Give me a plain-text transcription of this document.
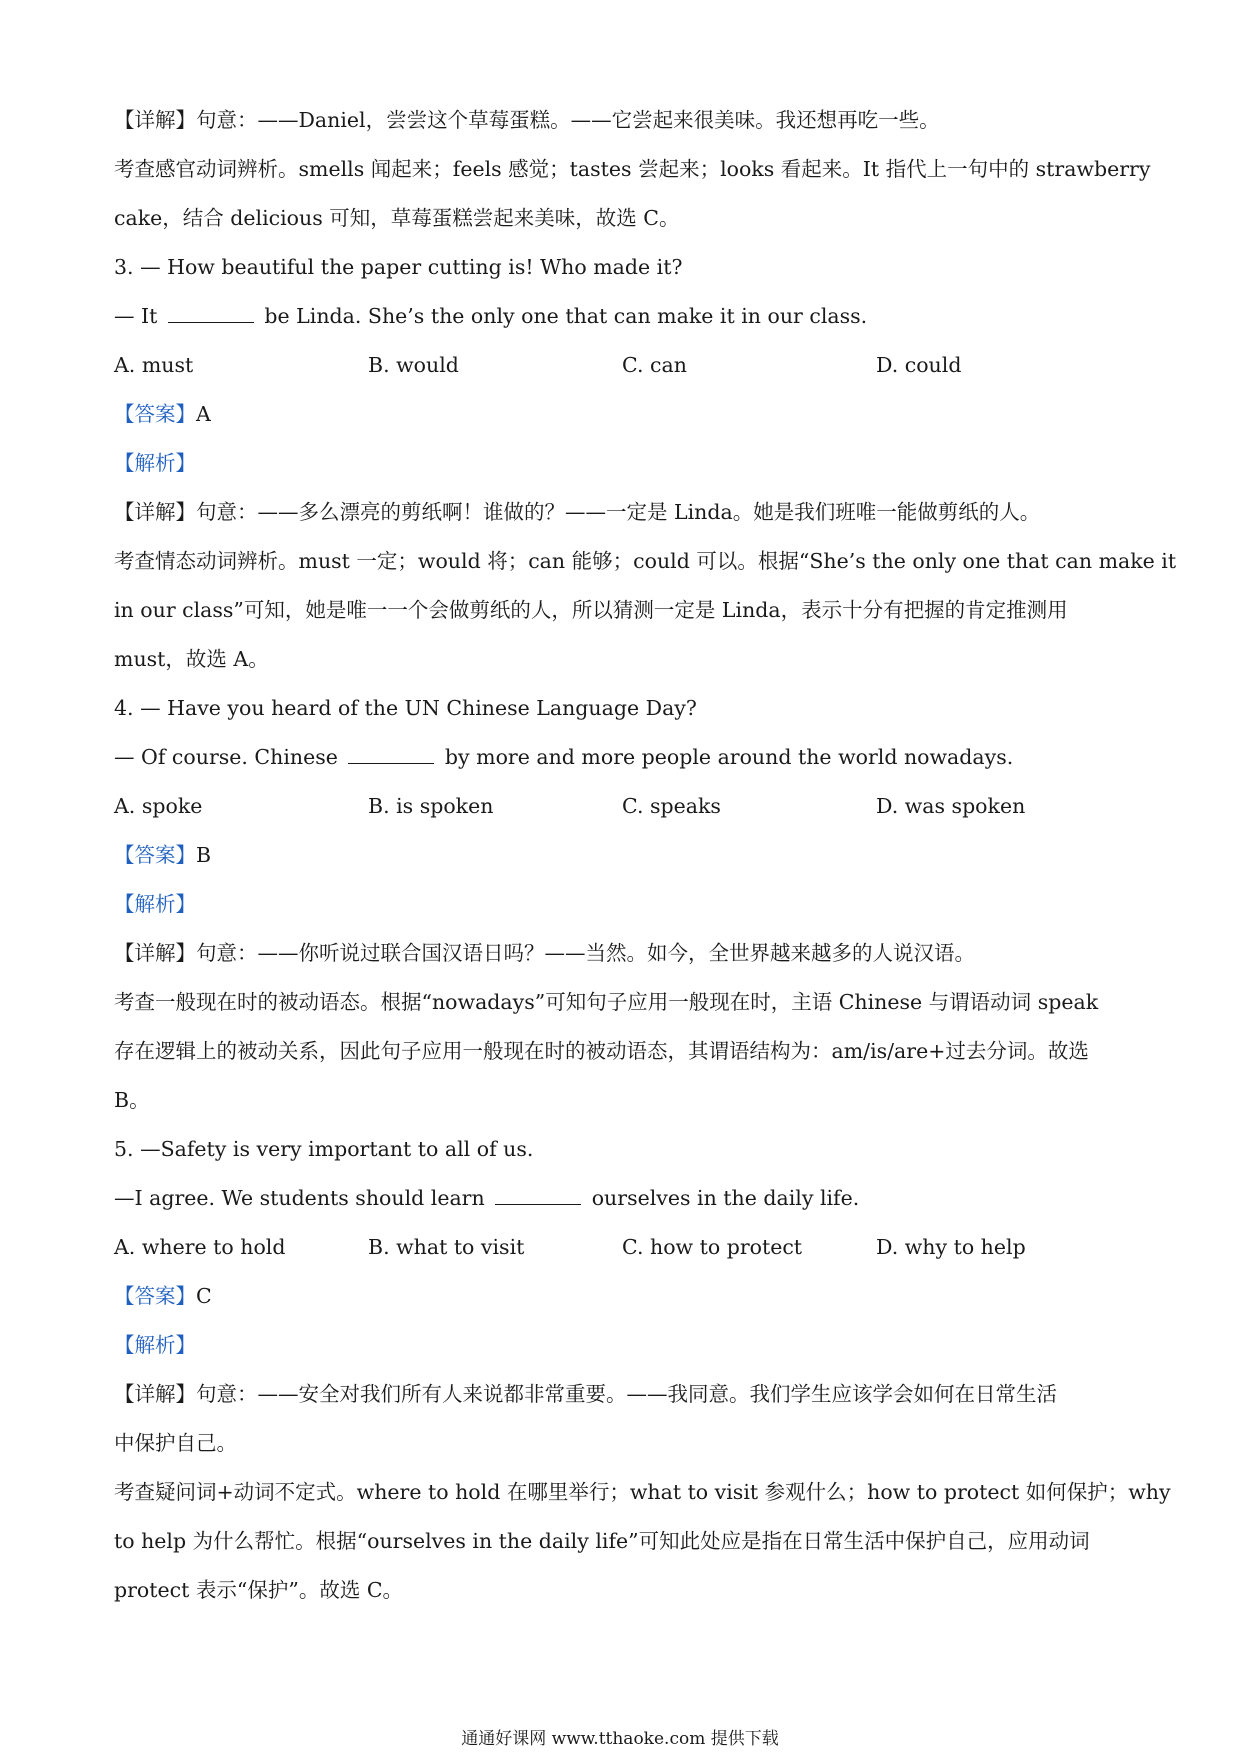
【详解】句意：——Daniel，尝尝这个草莓蛋糕。——它尝起来很美味。我还想再吃一些。
考查感官动词辨析。smells 闻起来；feels 感觉；tastes 尝起来；looks 看起来。It 指代上一句中的 strawberry
cake，结合 delicious 可知，草莓蛋糕尝起来美味，故选 C。
3. — How beautiful the paper cutting is! Who made it?
— It	be Linda. She’s the only one that can make it in our class.
A. must	B. would	C. can	D. could
【答案】A
【解析】
【详解】句意：——多么漂亮的剪纸啊！谁做的？——一定是 Linda。她是我们班唯一能做剪纸的人。
考查情态动词辨析。must 一定；would 将；can 能够；could 可以。根据“She’s the only one that can make it
in our class”可知，她是唯一一个会做剪纸的人，所以猜测一定是 Linda，表示十分有把握的肯定推测用
must，故选 A。
4. — Have you heard of the UN Chinese Language Day?
— Of course. Chinese	by more and more people around the world nowadays.
A. spoke	B. is spoken	C. speaks	D. was spoken
【答案】B
【解析】
【详解】句意：——你听说过联合国汉语日吗？——当然。如今，全世界越来越多的人说汉语。
考查一般现在时的被动语态。根据“nowadays”可知句子应用一般现在时，主语 Chinese 与谓语动词 speak
存在逻辑上的被动关系，因此句子应用一般现在时的被动语态，其谓语结构为：am/is/are+过去分词。故选
B。
5. —Safety is very important to all of us.
—I agree. We students should learn	ourselves in the daily life.
A. where to hold	B. what to visit	C. how to protect	D. why to help
【答案】C
【解析】
【详解】句意：——安全对我们所有人来说都非常重要。——我同意。我们学生应该学会如何在日常生活
中保护自己。
考查疑问词+动词不定式。where to hold 在哪里举行；what to visit 参观什么；how to protect 如何保护；why
to help 为什么帮忙。根据“ourselves in the daily life”可知此处应是指在日常生活中保护自己，应用动词
protect 表示“保护”。故选 C。
通通好课网 www.tthaoke.com 提供下载
